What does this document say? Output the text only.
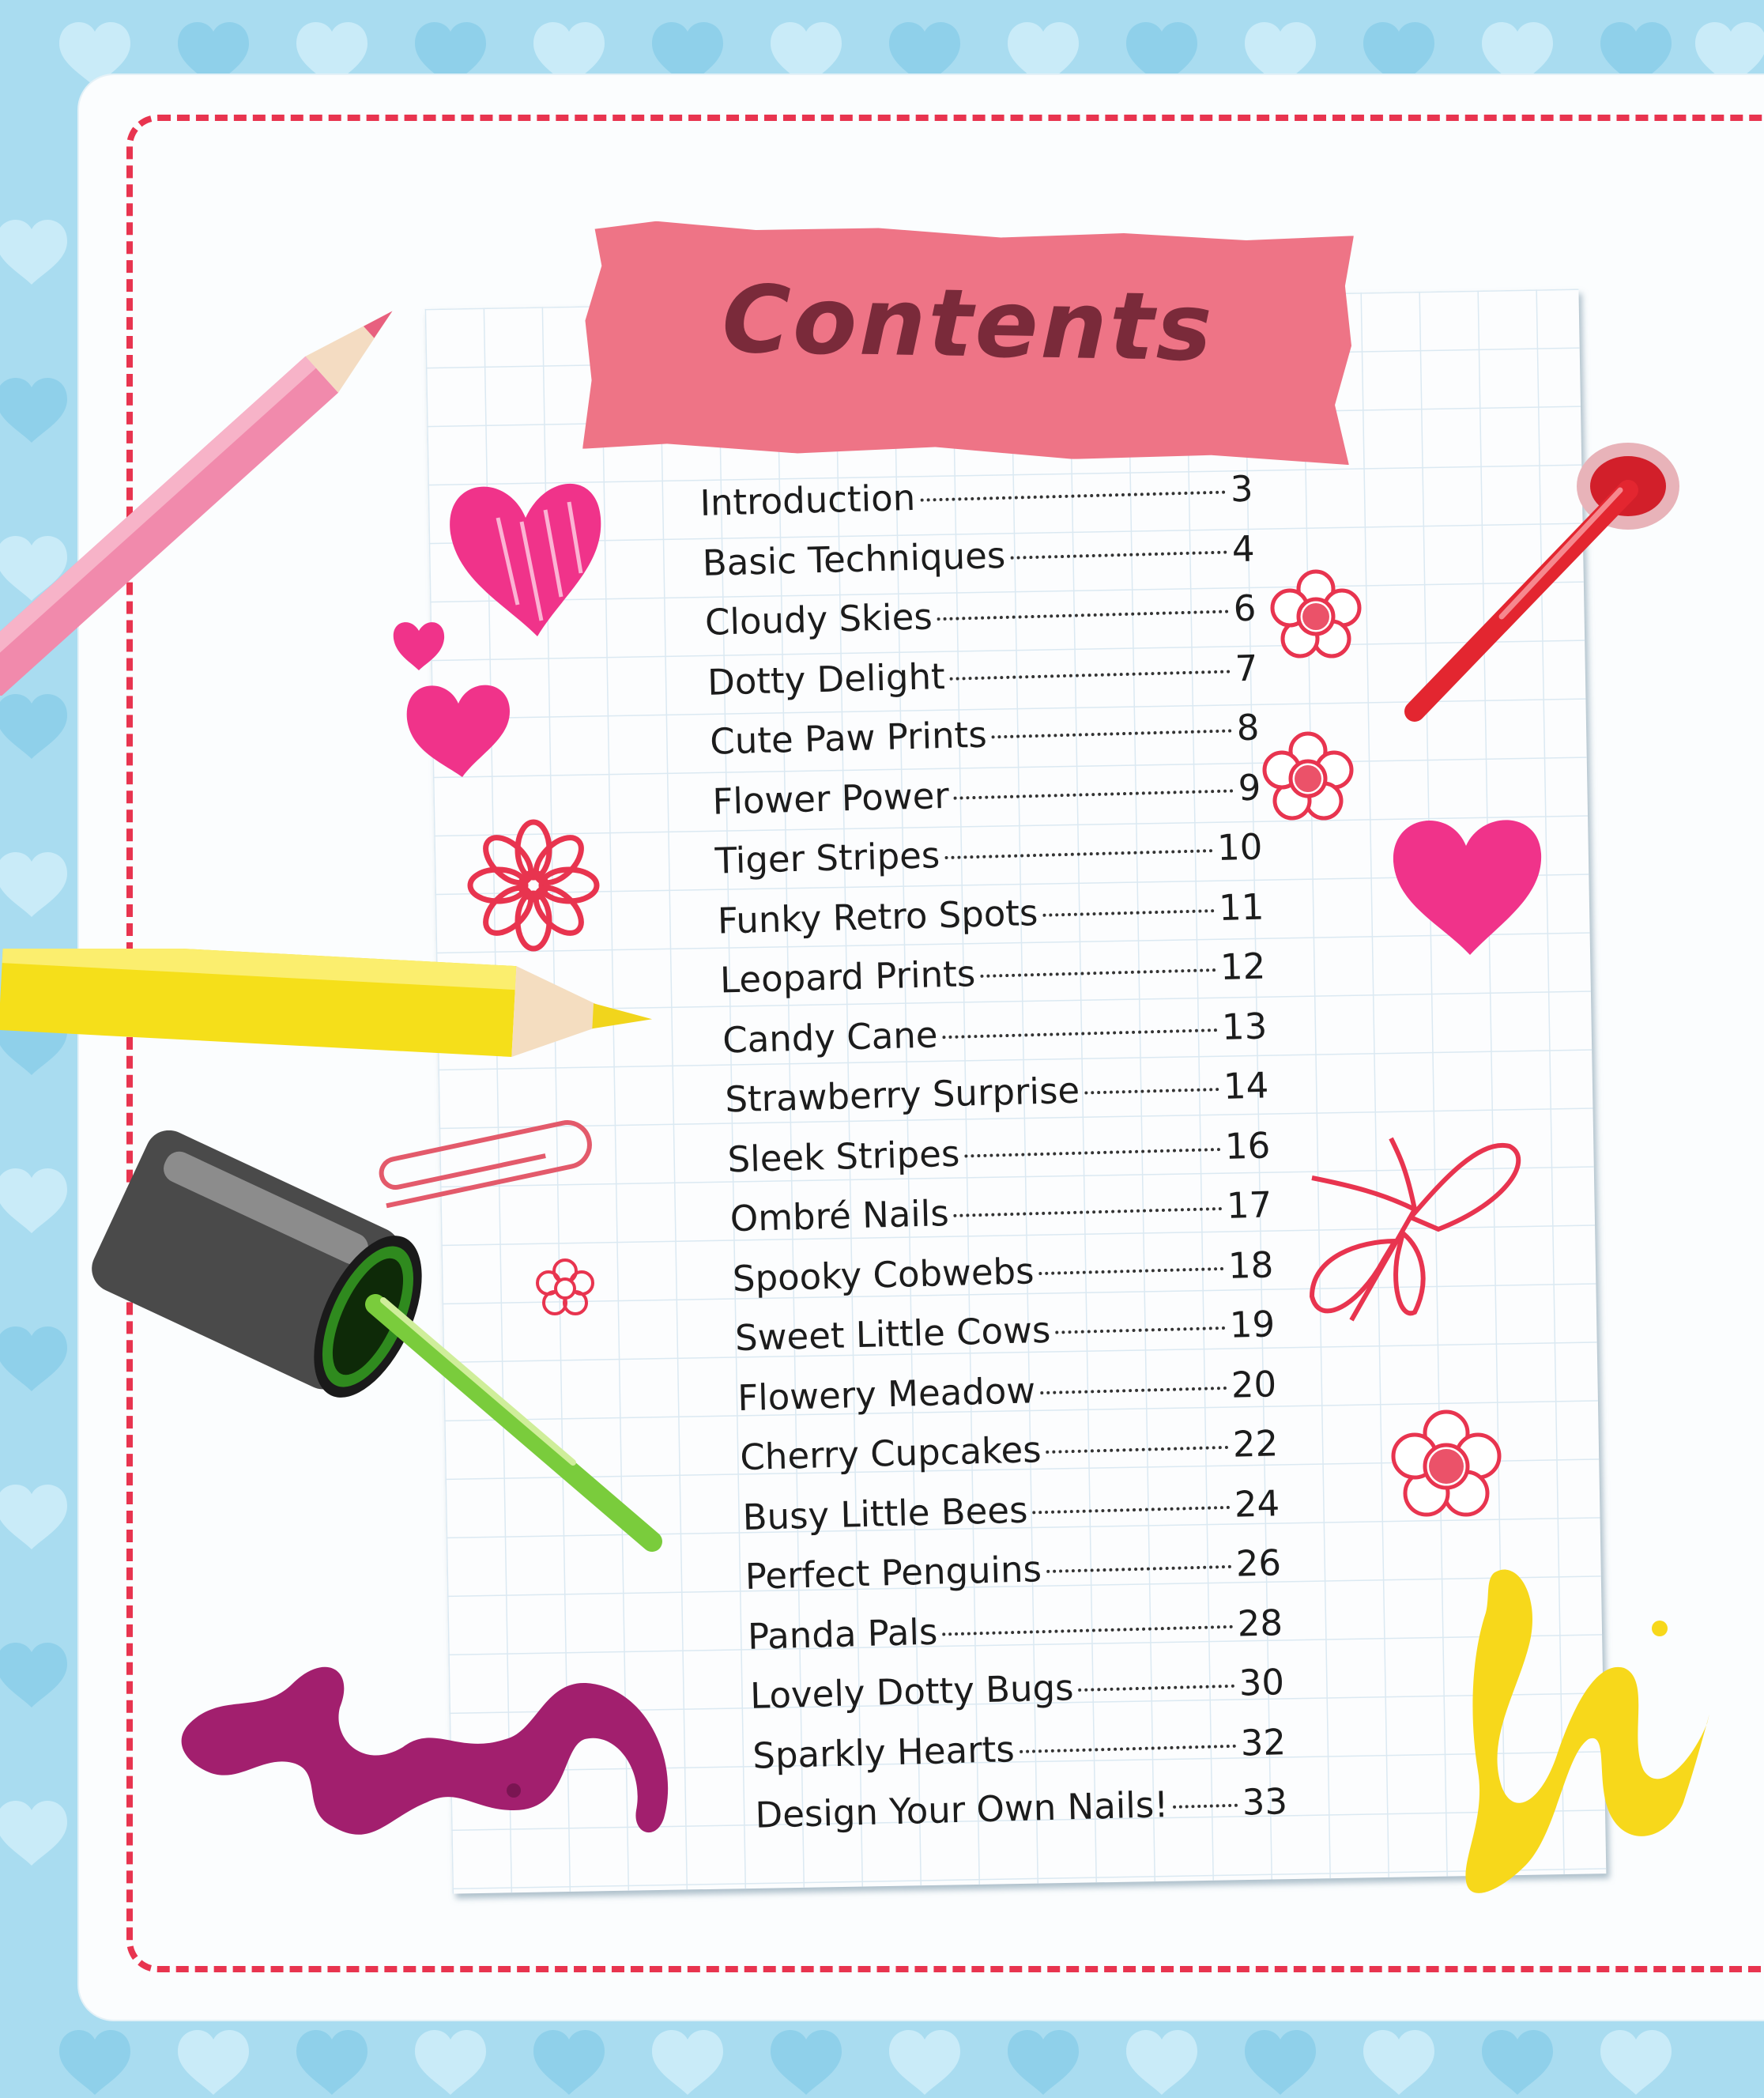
Contents
Introduction	3
Basic Techniques	4
Cloudy Skies	6
Dotty Delight	7
Cute Paw Prints	8
Flower Power	9
Tiger Stripes	10
Funky Retro Spots	11
Leopard Prints	12
Candy Cane	13
Strawberry Surprise	14
Sleek Stripes	16
Ombré Nails	17
Spooky Cobwebs	18
Sweet Little Cows	19
Flowery Meadow	20
Cherry Cupcakes	22
Busy Little Bees	24
Perfect Penguins	26
Panda Pals	28
Lovely Dotty Bugs	30
Sparkly Hearts	32
Design Your Own Nails! 33
